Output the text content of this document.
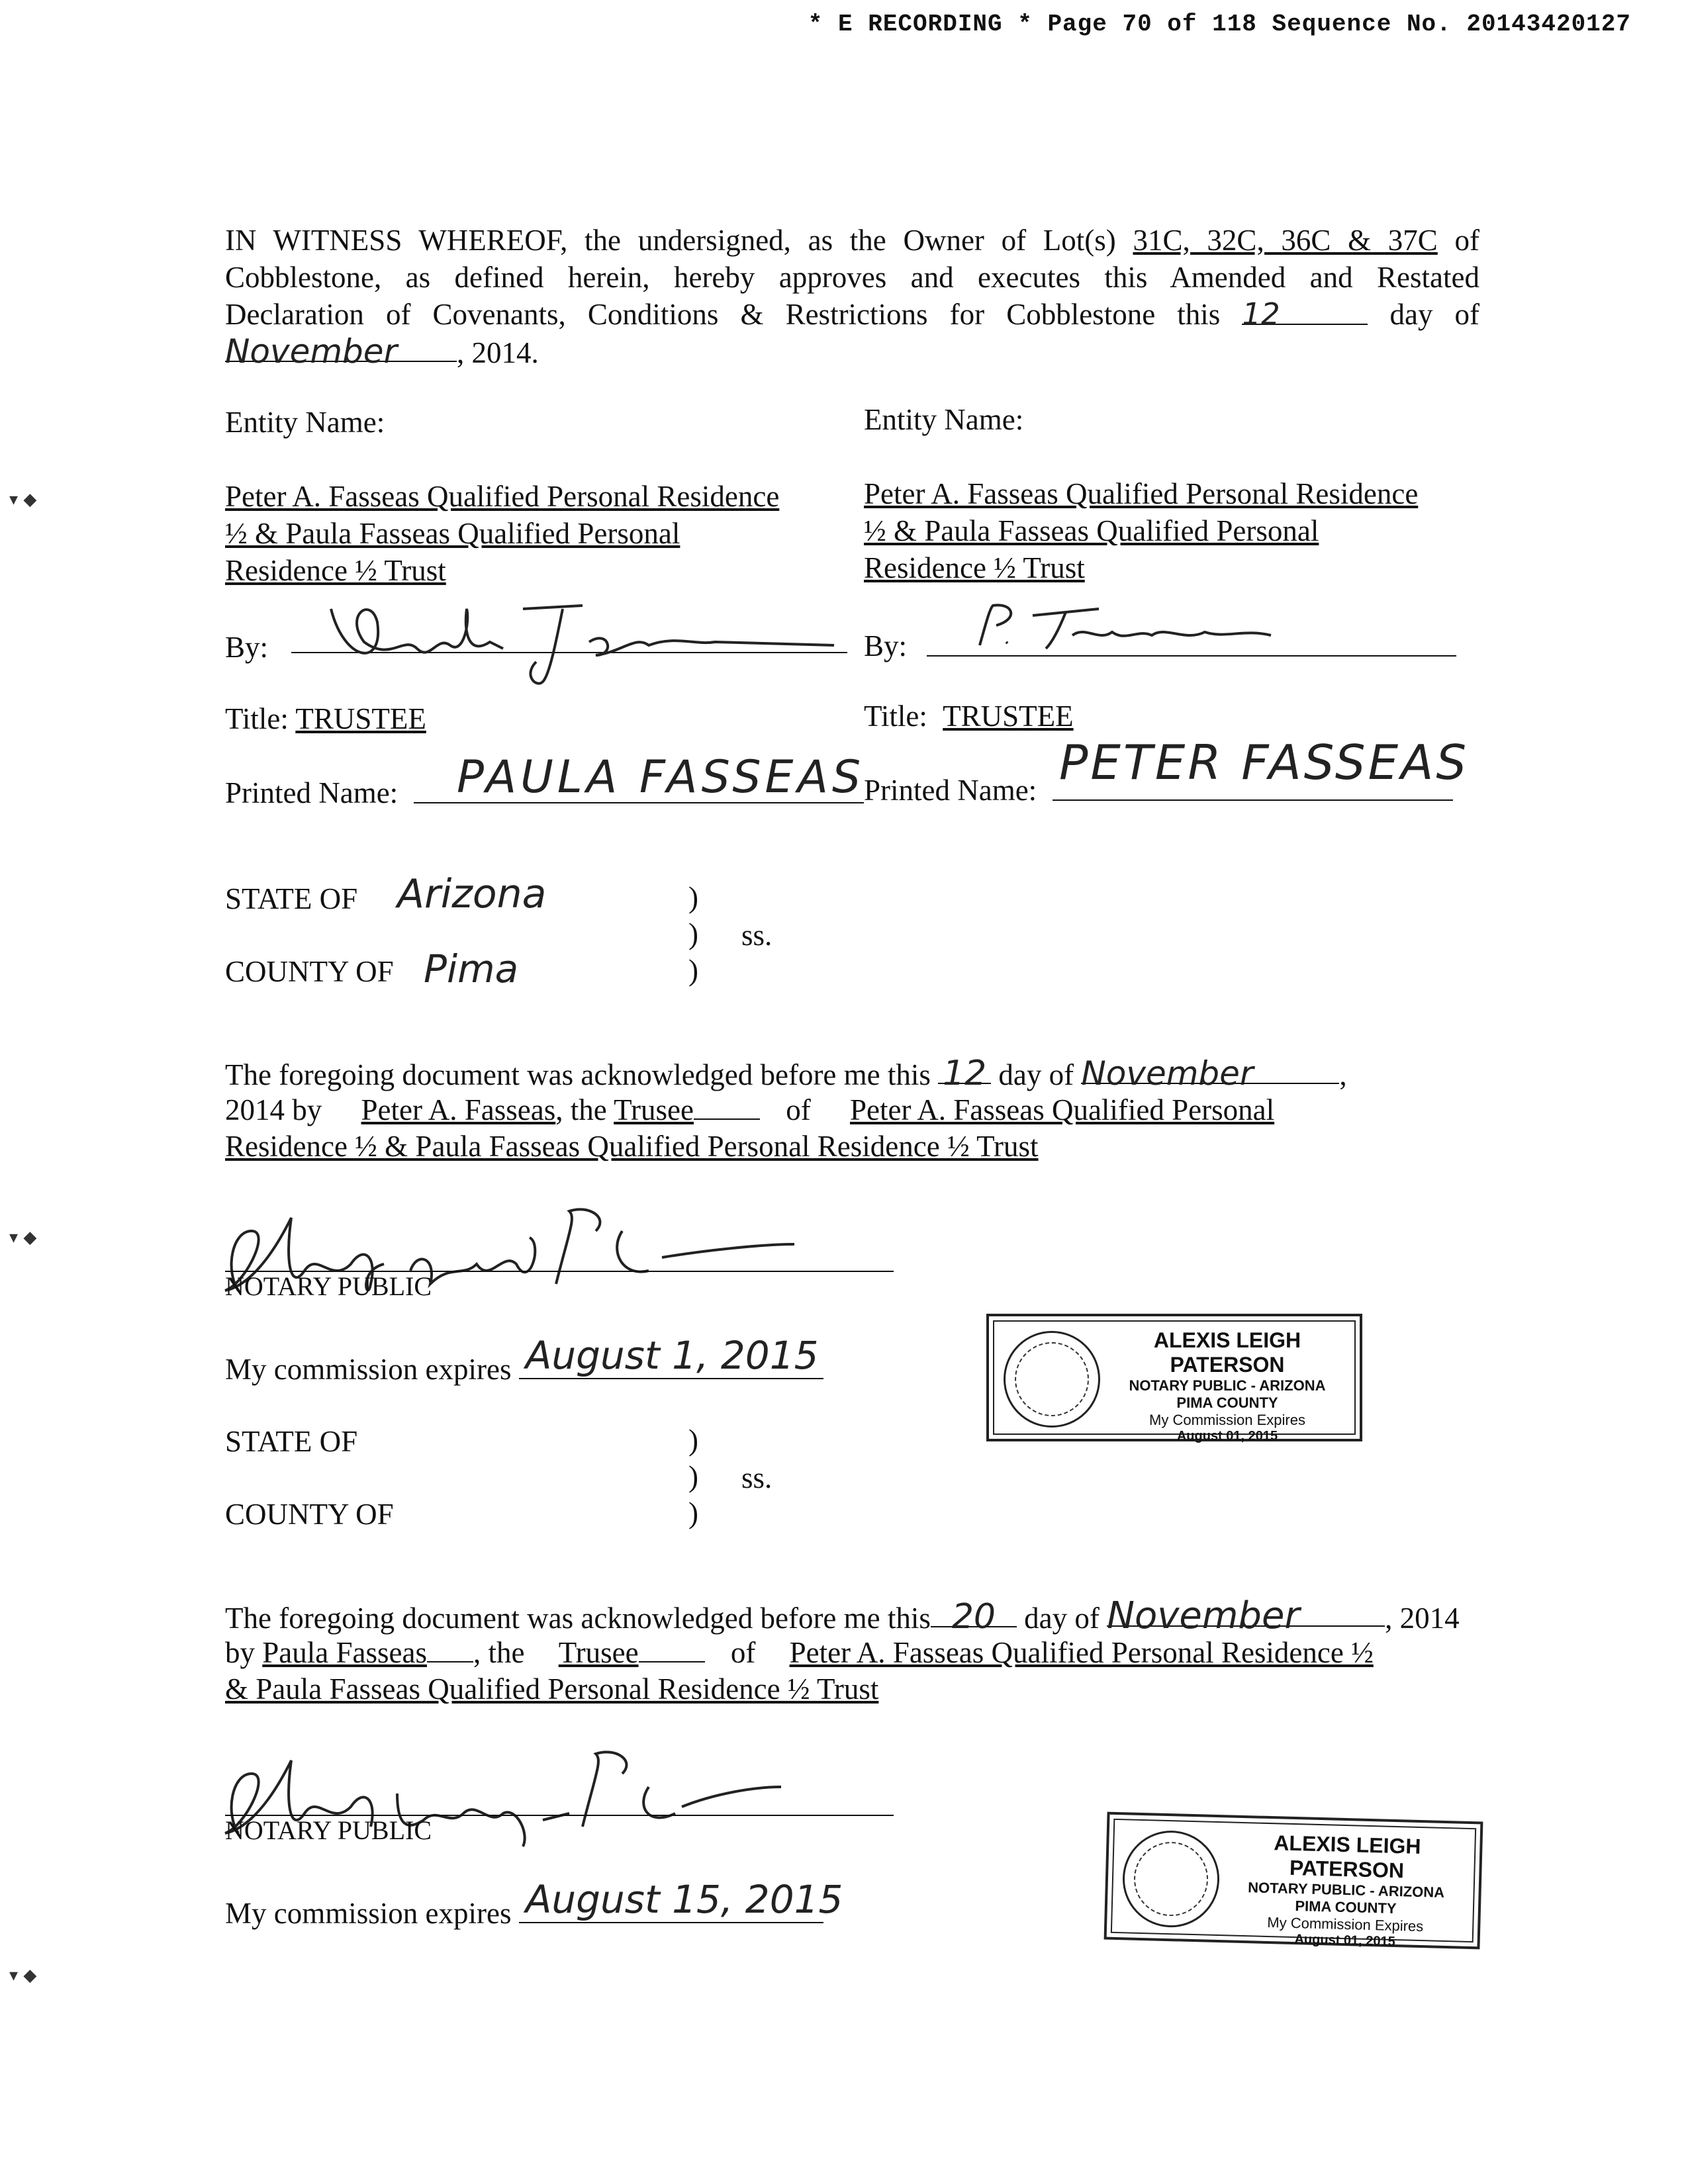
* E RECORDING * Page 70 of 118 Sequence No. 20143420127
IN WITNESS WHEREOF, the undersigned, as the Owner of Lot(s) 31C, 32C, 36C & 37C of
Cobblestone, as defined herein, hereby approves and executes this Amended and Restated
Declaration of Covenants, Conditions & Restrictions for Cobblestone this 12	day of
November , 2014.
Entity Name:	Entity Name:
Peter A. Fasseas Qualified Personal Residence
½ & Paula Fasseas Qualified Personal
Residence ½ Trust
Peter A. Fasseas Qualified Personal Residence
½ & Paula Fasseas Qualified Personal
Residence ½ Trust
By:	By:
Title: TRUSTEE	Title: TRUSTEE
Printed Name: PAULA FASSEAS
Printed Name: PETER FASSEAS
STATE OF Arizona	)
) ss.
)
COUNTY OF Pima
The foregoing document was acknowledged before me this 12 day of November	,
2014 by Peter A. Fasseas, the Trusee	of Peter A. Fasseas Qualified Personal
Residence ½ & Paula Fasseas Qualified Personal Residence ½ Trust
NOTARY PUBLIC
My commission expires August 1, 2015	ALEXIS LEIGH PATERSON
NOTARY PUBLIC - ARIZONA
PIMA COUNTY
My Commission Expires
August 01, 2015
STATE OF	)
) ss.
)
COUNTY OF
The foregoing document was acknowledged before me this 20 day of November	, 2014
by Paula Fasseas , the Trusee	of Peter A. Fasseas Qualified Personal Residence ½
& Paula Fasseas Qualified Personal Residence ½ Trust
NOTARY PUBLIC
My commission expires August 15, 2015
ALEXIS LEIGH PATERSON
NOTARY PUBLIC - ARIZONA
PIMA COUNTY
My Commission Expires
August 01, 2015
▾ ◆
▾ ◆
▾ ◆
